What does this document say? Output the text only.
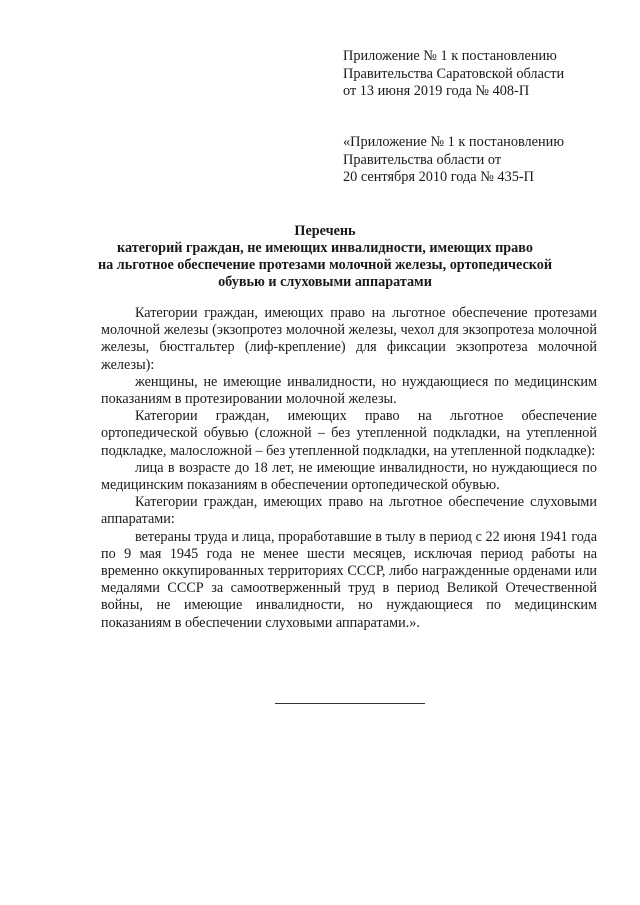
Приложение № 1 к постановлению
Правительства Саратовской области
от 13 июня 2019 года № 408-П
«Приложение № 1 к постановлению
Правительства области от
20 сентября 2010 года № 435-П
Перечень
категорий граждан, не имеющих инвалидности, имеющих право
на льготное обеспечение протезами молочной железы, ортопедической
обувью и слуховыми аппаратами

Категории граждан, имеющих право на льготное обеспечение протезами молочной железы (экзопротез молочной железы, чехол для экзопротеза молочной железы, бюстгальтер (лиф-крепление) для фиксации экзопротеза молочной железы):

женщины, не имеющие инвалидности, но нуждающиеся по медицинским показаниям в протезировании молочной железы.

Категории граждан, имеющих право на льготное обеспечение ортопедической обувью (сложной – без утепленной подкладки, на утепленной подкладке, малосложной – без утепленной подкладки, на утепленной подкладке):

лица в возрасте до 18 лет, не имеющие инвалидности, но нуждающиеся по медицинским показаниям в обеспечении ортопедической обувью.

Категории граждан, имеющих право на льготное обеспечение слуховыми аппаратами:

ветераны труда и лица, проработавшие в тылу в период с 22 июня 1941 года по 9 мая 1945 года не менее шести месяцев, исключая период работы на временно оккупированных территориях СССР, либо награжденные орденами или медалями СССР за самоотверженный труд в период Великой Отечественной войны, не имеющие инвалидности, но нуждающиеся по медицинским показаниям в обеспечении слуховыми аппаратами.».
